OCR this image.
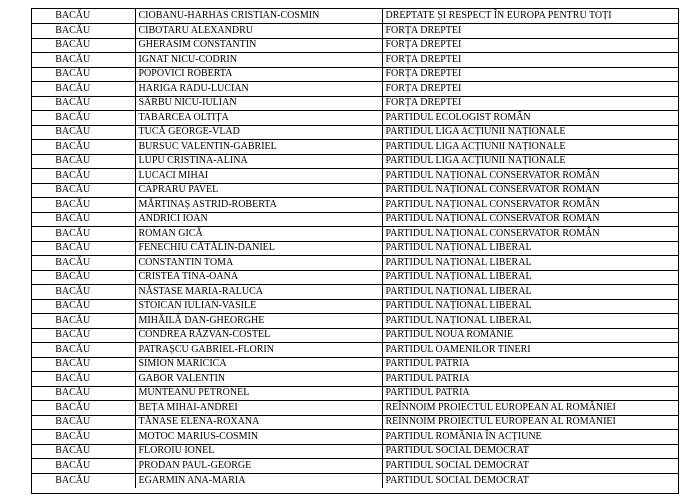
BACĂU	CIOBANU-HARHAS CRISTIAN-COSMIN	DREPTATE ȘI RESPECT ÎN EUROPA PENTRU TOȚI
BACĂU	CIBOTARU ALEXANDRU	FORȚA DREPTEI
BACĂU	GHERASIM CONSTANTIN	FORȚA DREPTEI
BACĂU	IGNAT NICU-CODRIN	FORȚA DREPTEI
BACĂU	POPOVICI ROBERTA	FORȚA DREPTEI
BACĂU	HARIGA RADU-LUCIAN	FORȚA DREPTEI
BACĂU	SÂRBU NICU-IULIAN	FORȚA DREPTEI
BACĂU	TABARCEA OLTIȚA	PARTIDUL ECOLOGIST ROMÂN
BACĂU	TUCĂ GEORGE-VLAD	PARTIDUL LIGA ACȚIUNII NAȚIONALE
BACĂU	BURSUC VALENTIN-GABRIEL	PARTIDUL LIGA ACȚIUNII NAȚIONALE
BACĂU	LUPU CRISTINA-ALINA	PARTIDUL LIGA ACȚIUNII NAȚIONALE
BACĂU	LUCACI MIHAI	PARTIDUL NAȚIONAL CONSERVATOR ROMÂN
BACĂU	CAPRARU PAVEL	PARTIDUL NAȚIONAL CONSERVATOR ROMÂN
BACĂU	MĂRTINAȘ ASTRID-ROBERTA	PARTIDUL NAȚIONAL CONSERVATOR ROMÂN
BACĂU	ANDRICI IOAN	PARTIDUL NAȚIONAL CONSERVATOR ROMÂN
BACĂU	ROMAN GICĂ	PARTIDUL NAȚIONAL CONSERVATOR ROMÂN
BACĂU	FENECHIU CĂTĂLIN-DANIEL	PARTIDUL NAȚIONAL LIBERAL
BACĂU	CONSTANTIN TOMA	PARTIDUL NAȚIONAL LIBERAL
BACĂU	CRISTEA TINA-OANA	PARTIDUL NAȚIONAL LIBERAL
BACĂU	NĂSTASE MARIA-RALUCA	PARTIDUL NAȚIONAL LIBERAL
BACĂU	STOICAN IULIAN-VASILE	PARTIDUL NAȚIONAL LIBERAL
BACĂU	MIHĂILĂ DAN-GHEORGHE	PARTIDUL NAȚIONAL LIBERAL
BACĂU	CONDREA RĂZVAN-COSTEL	PARTIDUL NOUA ROMÂNIE
BACĂU	PATRAȘCU GABRIEL-FLORIN	PARTIDUL OAMENILOR TINERI
BACĂU	SIMION MARICICA	PARTIDUL PATRIA
BACĂU	GABOR VALENTIN	PARTIDUL PATRIA
BACĂU	MUNTEANU PETRONEL	PARTIDUL PATRIA
BACĂU	BEȚA MIHAI-ANDREI	REÎNNOIM PROIECTUL EUROPEAN AL ROMÂNIEI
BACĂU	TĂNASE ELENA-ROXANA	REÎNNOIM PROIECTUL EUROPEAN AL ROMÂNIEI
BACĂU	MOTOC MARIUS-COSMIN	PARTIDUL ROMÂNIA ÎN ACȚIUNE
BACĂU	FLOROIU IONEL	PARTIDUL SOCIAL DEMOCRAT
BACĂU	PRODAN PAUL-GEORGE	PARTIDUL SOCIAL DEMOCRAT
BACĂU	EGARMIN ANA-MARIA	PARTIDUL SOCIAL DEMOCRAT
